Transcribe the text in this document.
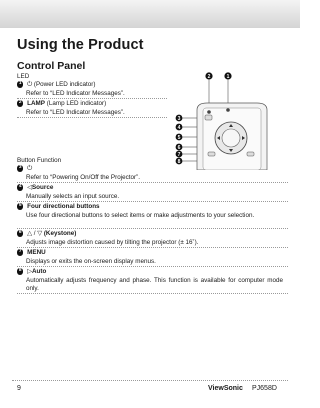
Using the Product
Control Panel
LED
1 ⏻ (Power LED indicator)
Refer to “LED Indicator Messages”.
2 LAMP (Lamp LED indicator)
Refer to “LED Indicator Messages”.
2	1
3
4
5
6
7
8
Button Function
3 ⏻
Refer to “Powering On/Off the Projector”.
4 ◁Source
Manually selects an input source.
5 Four directional buttons
Use four directional buttons to select items or make adjustments to your selection.
6 △ / ▽ (Keystone)
Adjusts image distortion caused by tilting the projector (± 16˚).
7 MENU
Displays or exits the on-screen display menus.
8 ▷Auto
Automatically adjusts frequency and phase. This function is available for computer mode only.
9	ViewSonic PJ658D
